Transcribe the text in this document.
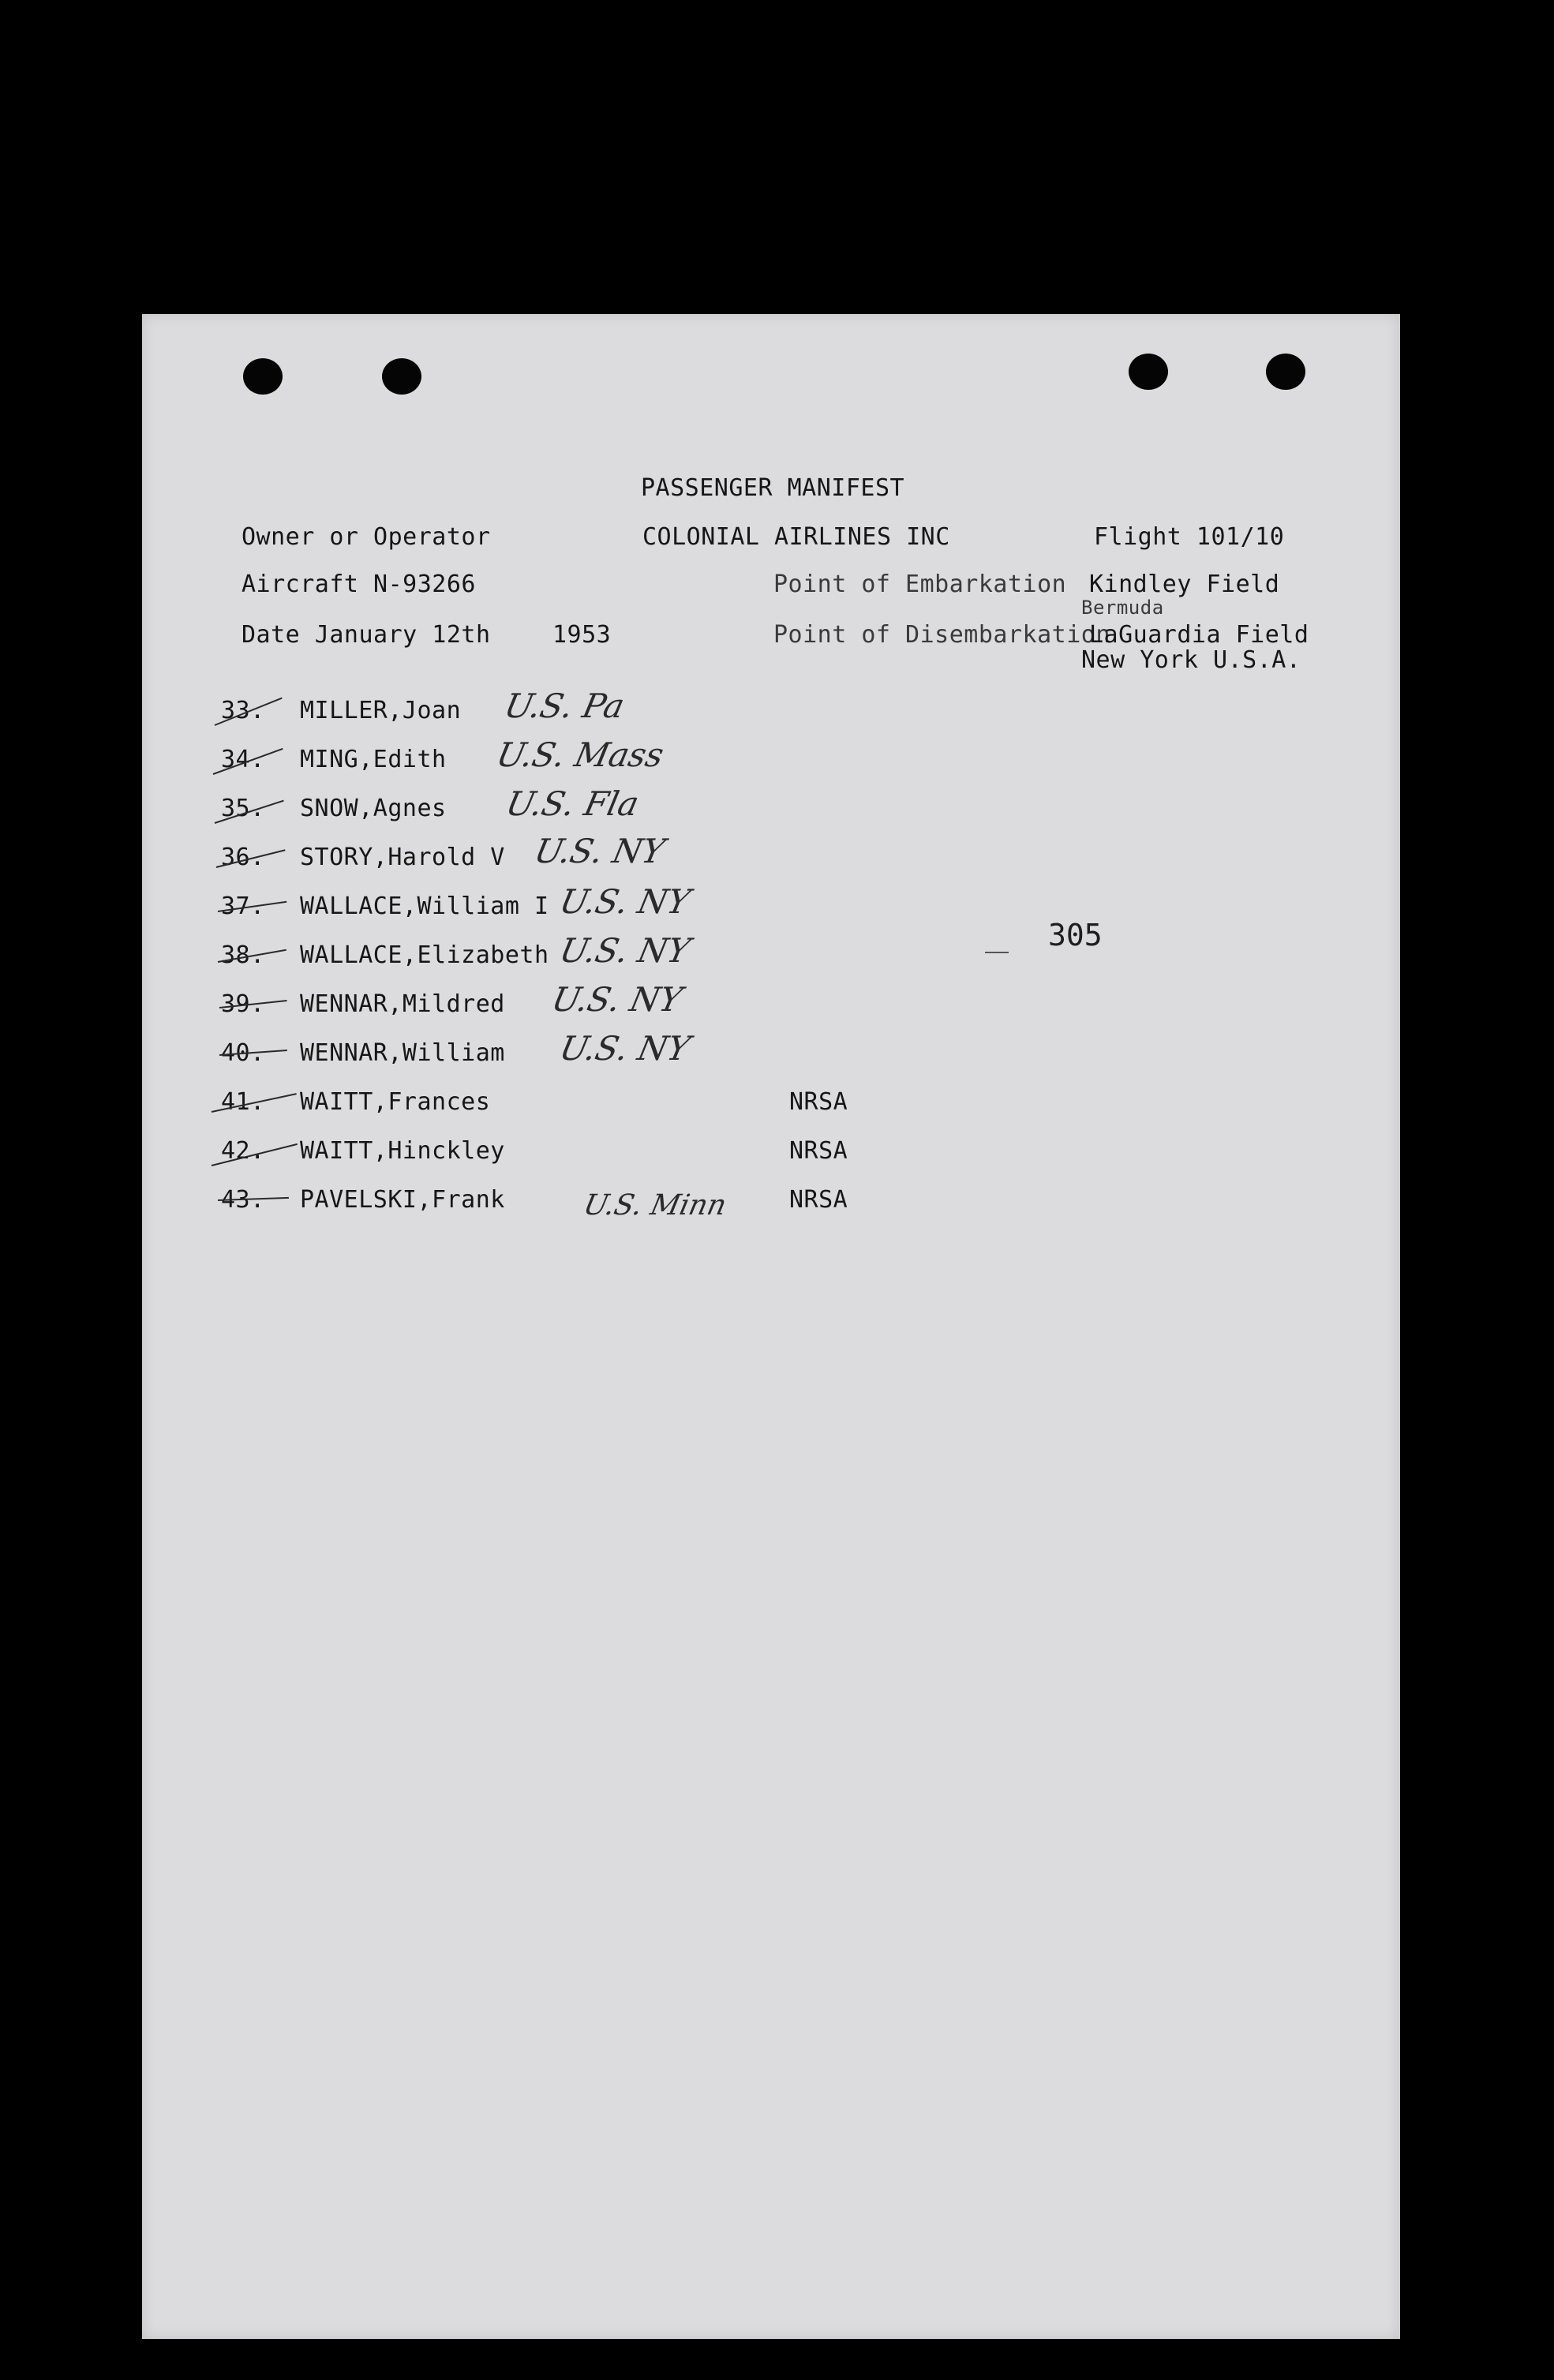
PASSENGER MANIFEST
Owner or Operator	COLONIAL AIRLINES INC	Flight 101/10
Aircraft N-93266	Point of Embarkation Kindley Field
Bermuda
Date January 12th	1953	Point of Disembarkation
LaGuardia Field
New York U.S.A.
33. MILLER,Joan U.S. Pa
34. MING,Edith U.S. Mass
35. SNOW,Agnes U.S. Fla
36. STORY,Harold V U.S. NY
37. WALLACE,William I U.S. NY
38. WALLACE,Elizabeth U.S. NY
39. WENNAR,Mildred U.S. NY
40. WENNAR,William U.S. NY
41. WAITT,Frances	NRSA
42. WAITT,Hinckley	NRSA
43. PAVELSKI,Frank	U.S. Minn	NRSA
305
